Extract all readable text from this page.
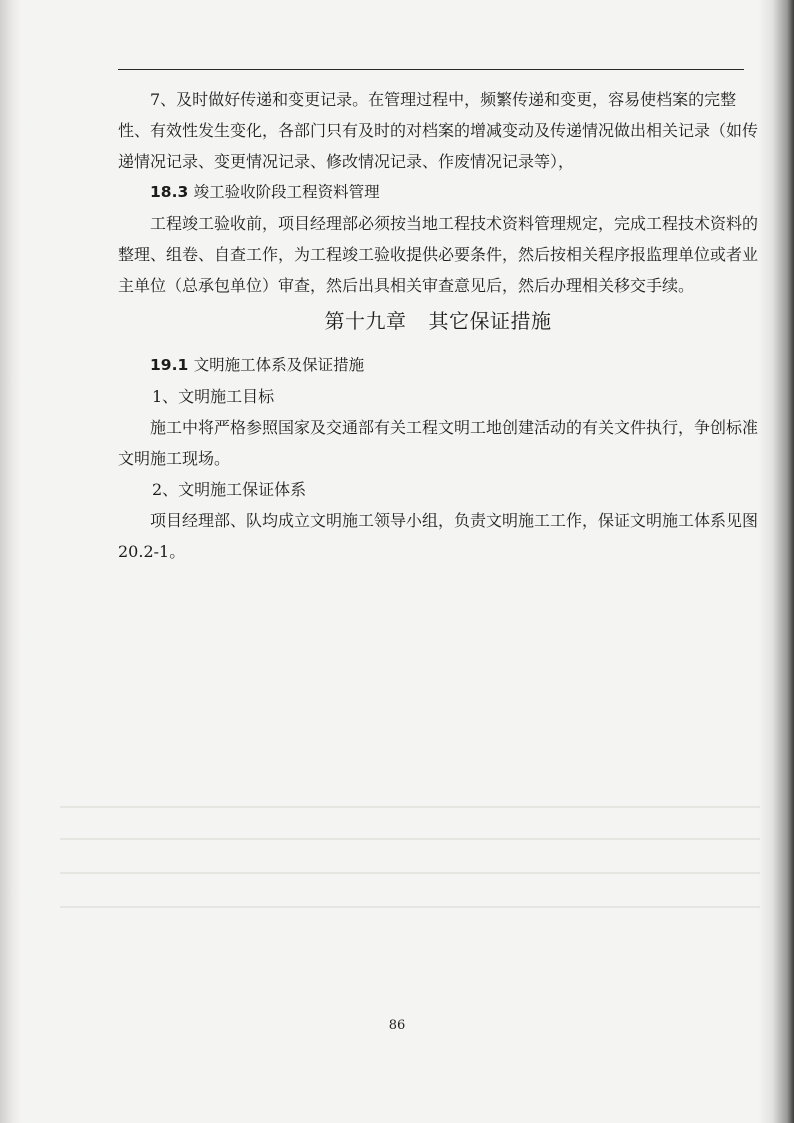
7、及时做好传递和变更记录。在管理过程中，频繁传递和变更，容易使档案的完整性、有效性发生变化，各部门只有及时的对档案的增减变动及传递情况做出相关记录（如传递情况记录、变更情况记录、修改情况记录、作废情况记录等），

18.3 竣工验收阶段工程资料管理

工程竣工验收前，项目经理部必须按当地工程技术资料管理规定，完成工程技术资料的整理、组卷、自查工作，为工程竣工验收提供必要条件，然后按相关程序报监理单位或者业主单位（总承包单位）审查，然后出具相关审查意见后，然后办理相关移交手续。

第十九章 其它保证措施

19.1 文明施工体系及保证措施

1、文明施工目标

施工中将严格参照国家及交通部有关工程文明工地创建活动的有关文件执行，争创标准文明施工现场。

2、文明施工保证体系

项目经理部、队均成立文明施工领导小组，负责文明施工工作，保证文明施工体系见图 20.2-1。

86
